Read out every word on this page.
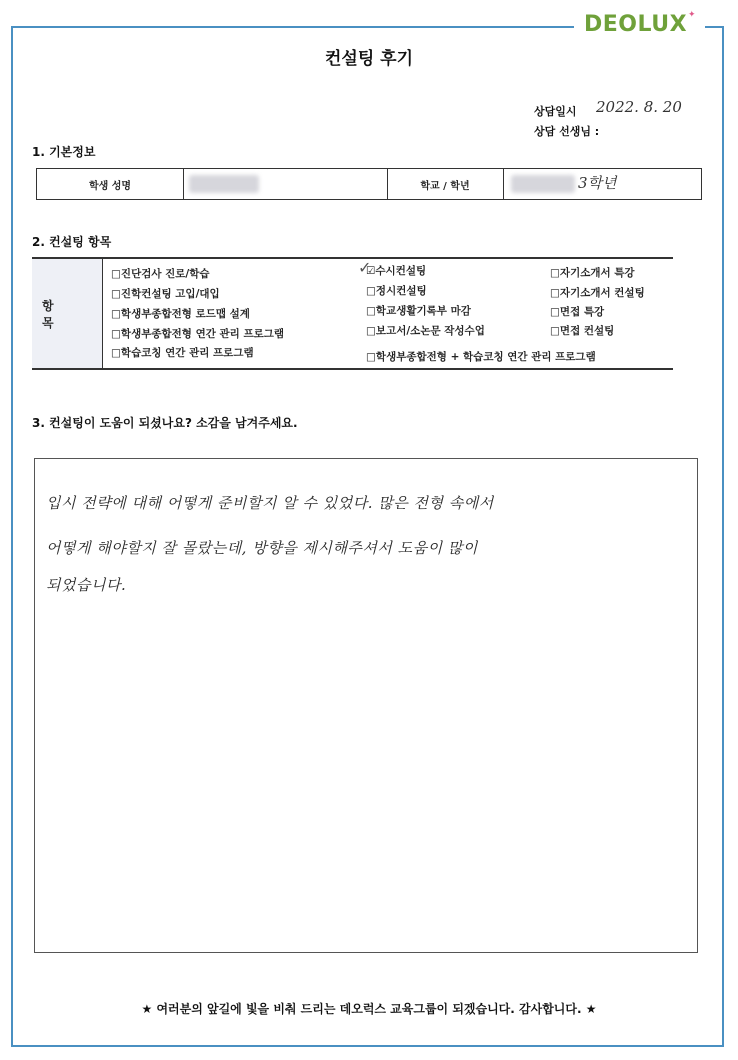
DEOLUX ✦
컨설팅 후기
상담일시 2022. 8. 20
상담 선생님 :
1. 기본정보
학생 성명	학교 / 학년	3학년
2. 컨설팅 항목
항 목
□진단검사 진로/학습
□진학컨설팅 고입/대입
□학생부종합전형 로드맵 설계
□학생부종합전형 연간 관리 프로그램
□학습코칭 연간 관리 프로그램
☑수시컨설팅
✓
□정시컨설팅
□학교생활기록부 마감
□보고서/소논문 작성수업
□학생부종합전형 + 학습코칭 연간 관리 프로그램
□자기소개서 특강
□자기소개서 컨설팅
□면접 특강
□면접 컨설팅
3. 컨설팅이 도움이 되셨나요? 소감을 남겨주세요.
입시 전략에 대해 어떻게 준비할지 알 수 있었다. 많은 전형 속에서
어떻게 해야할지 잘 몰랐는데, 방향을 제시해주셔서 도움이 많이
되었습니다.
★ 여러분의 앞길에 빛을 비춰 드리는 데오럭스 교육그룹이 되겠습니다. 감사합니다. ★
